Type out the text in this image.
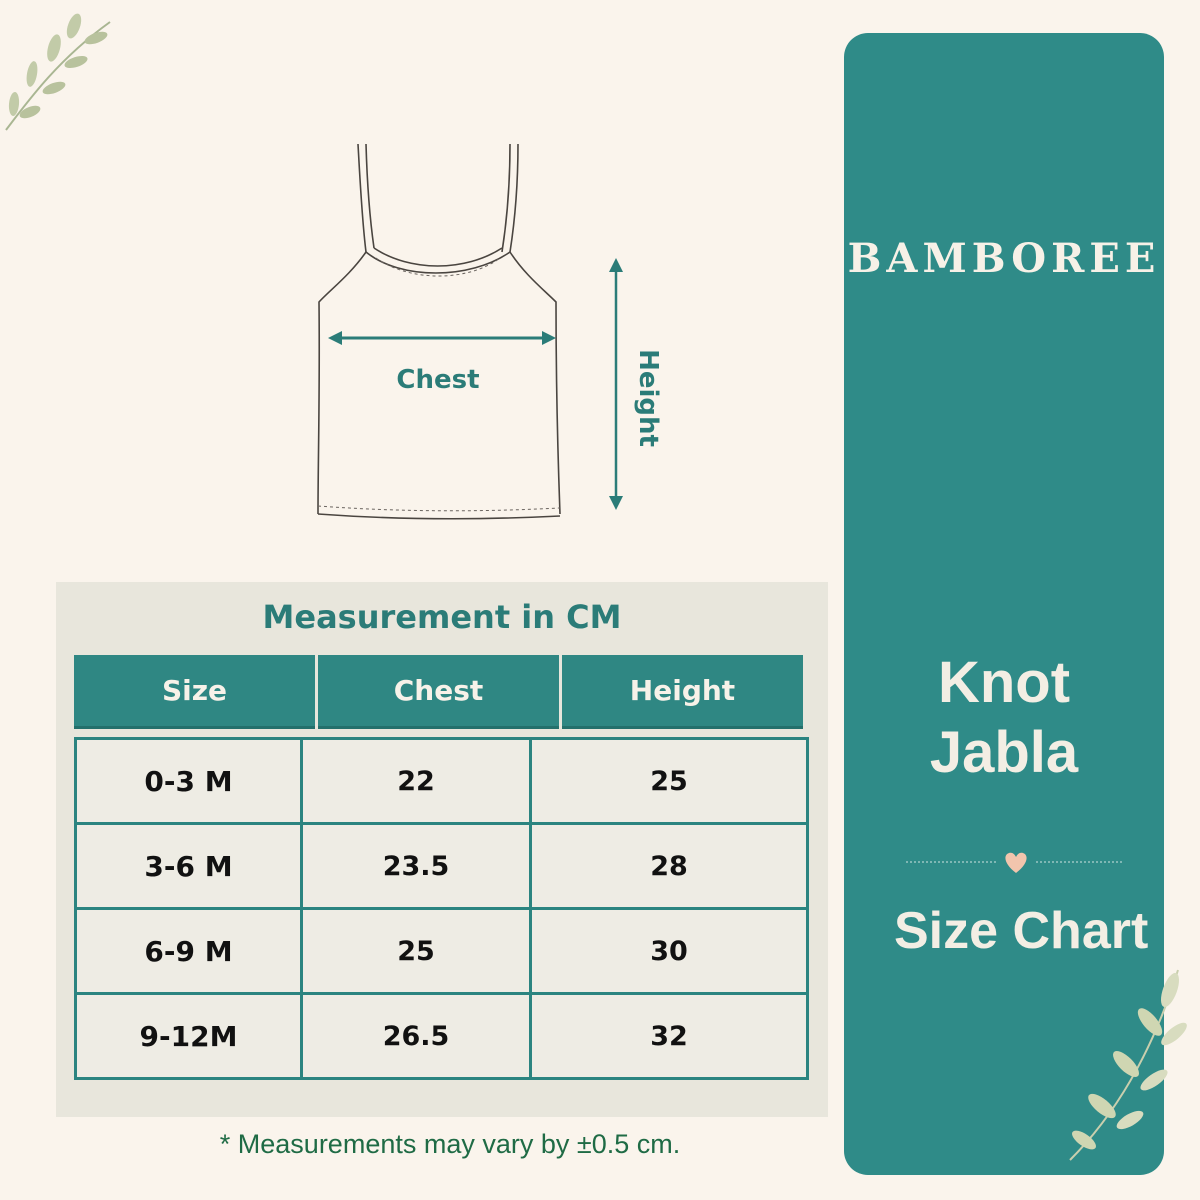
Chest	Height
Measurement in CM
Size	Chest	Height
0-3 M	22	25
3-6 M	23.5	28
6-9 M	25	30
9-12M	26.5	32
* Measurements may vary by ±0.5 cm.
BAMBOREE
Knot Jabla
Size Chart
